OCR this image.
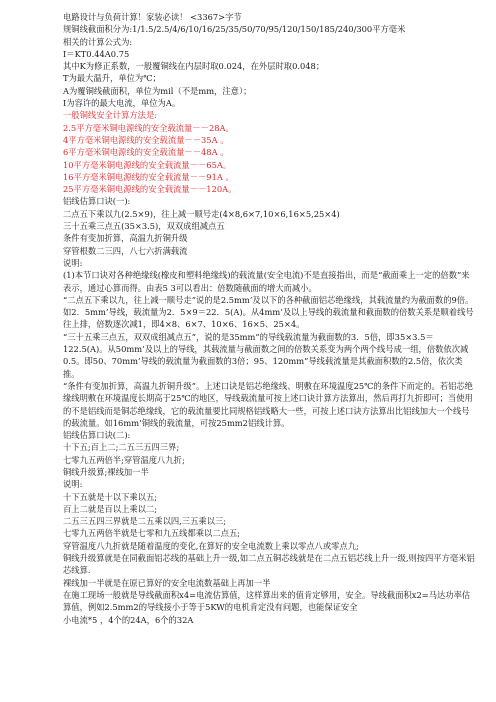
电路设计与负荷计算！家装必读！ <3367>字节
规铜线截面积分为:1/1.5/2.5/4/6/10/16/25/35/50/70/95/120/150/185/240/300平方毫米
相关的计算公式为:
I＝KT0.44A0.75
其中K为修正系数，一般覆铜线在内层时取0.024，在外层时取0.048；
T为最大温升，单位为℃；
A为覆铜线截面积，单位为mil（不是mm，注意）；
I为容许的最大电流，单位为A。
一般铜线安全计算方法是:
2.5平方毫米铜电源线的安全载流量－－28A。
4平方毫米铜电源线的安全载流量－－35A 。
6平方毫米铜电源线的安全载流量－－48A 。
10平方毫米铜电源线的安全载流量－－65A。
16平方毫米铜电源线的安全载流量－－91A 。
25平方毫米铜电源线的安全载流量－－120A。
铝线估算口诀(一):
二点五下乘以九(2.5×9)，往上减一顺号走(4×8,6×7,10×6,16×5,25×4)
三十五乘三点五(35×3.5)，双双成组减点五
条件有变加折算，高温九折铜升级
穿管根数二三四，八七六折满载流
说明:
(1)本节口诀对各种绝缘线(橡皮和塑料绝缘线)的载流量(安全电流)不是直接指出，而是“截面乘上一定的倍数”来表示，通过心算而得。由表5 3可以看出：倍数随截面的增大而减小。
“二点五下乘以九，往上减一顺号走”说的是2.5mm’及以下的各种截面铝芯绝缘线，其载流量约为截面数的9倍。如2．5mm’导线，载流量为2．5×9＝22．5(A)。从4mm’及以上导线的载流量和截面数的倍数关系是顺着线号往上排，倍数逐次减1，即4×8、6×7、10×6、16×5、25×4。
“三十五乘三点五，双双成组减点五”，说的是35mm”的导线载流量为截面数的3．5倍，即35×3.5＝122.5(A)。从50mm’及以上的导线，其载流量与截面数之间的倍数关系变为两个两个线号成一组，倍数依次减0.5。即50、70mm’导线的载流量为截面数的3倍；95、120mm”导线载流量是其截面积数的2.5倍，依次类推。
“条件有变加折算，高温九折铜升级”。上述口诀是铝芯绝缘线、明敷在环境温度25℃的条件下而定的。若铝芯绝缘线明敷在环境温度长期高于25℃的地区，导线载流量可按上述口诀计算方法算出，然后再打九折即可；当使用的不是铝线而是铜芯绝缘线，它的载流量要比同规格铝线略大一些，可按上述口诀方法算出比铝线加大一个线号的载流量。如16mm’铜线的载流量，可按25mm2铝线计算。
铝线估算口诀(二):
十下五;百上二;二五三五四三界;
七零九五两倍半;穿管温度八九折;
铜线升级算;裸线加一半
说明:
十下五就是十以下乘以五;
百上二就是百以上乘以二;
二五三五四三界就是二五乘以四,三五乘以三;
七零九五两倍半就是七零和九五线都乘以二点五;
穿管温度八九折就是随着温度的变化,在算好的安全电流数上乘以零点八或零点九;
铜线升级算就是在同截面铝芯线的基础上升一级,如二点五铜芯线就是在二点五铝芯线上升一级,则按四平方毫米铝芯线算.
裸线加一半就是在原已算好的安全电流数基础上再加一半
在施工现场一般就是导线截面积x4=电流估算值，这样算出来的值肯定够用，安全。导线截面积x2=马达功率估算值，例如2.5mm2的导线接小于等于5KW的电机肯定没有问题，也能保证安全
小电流*5 ，4个的24A，6个的32A
